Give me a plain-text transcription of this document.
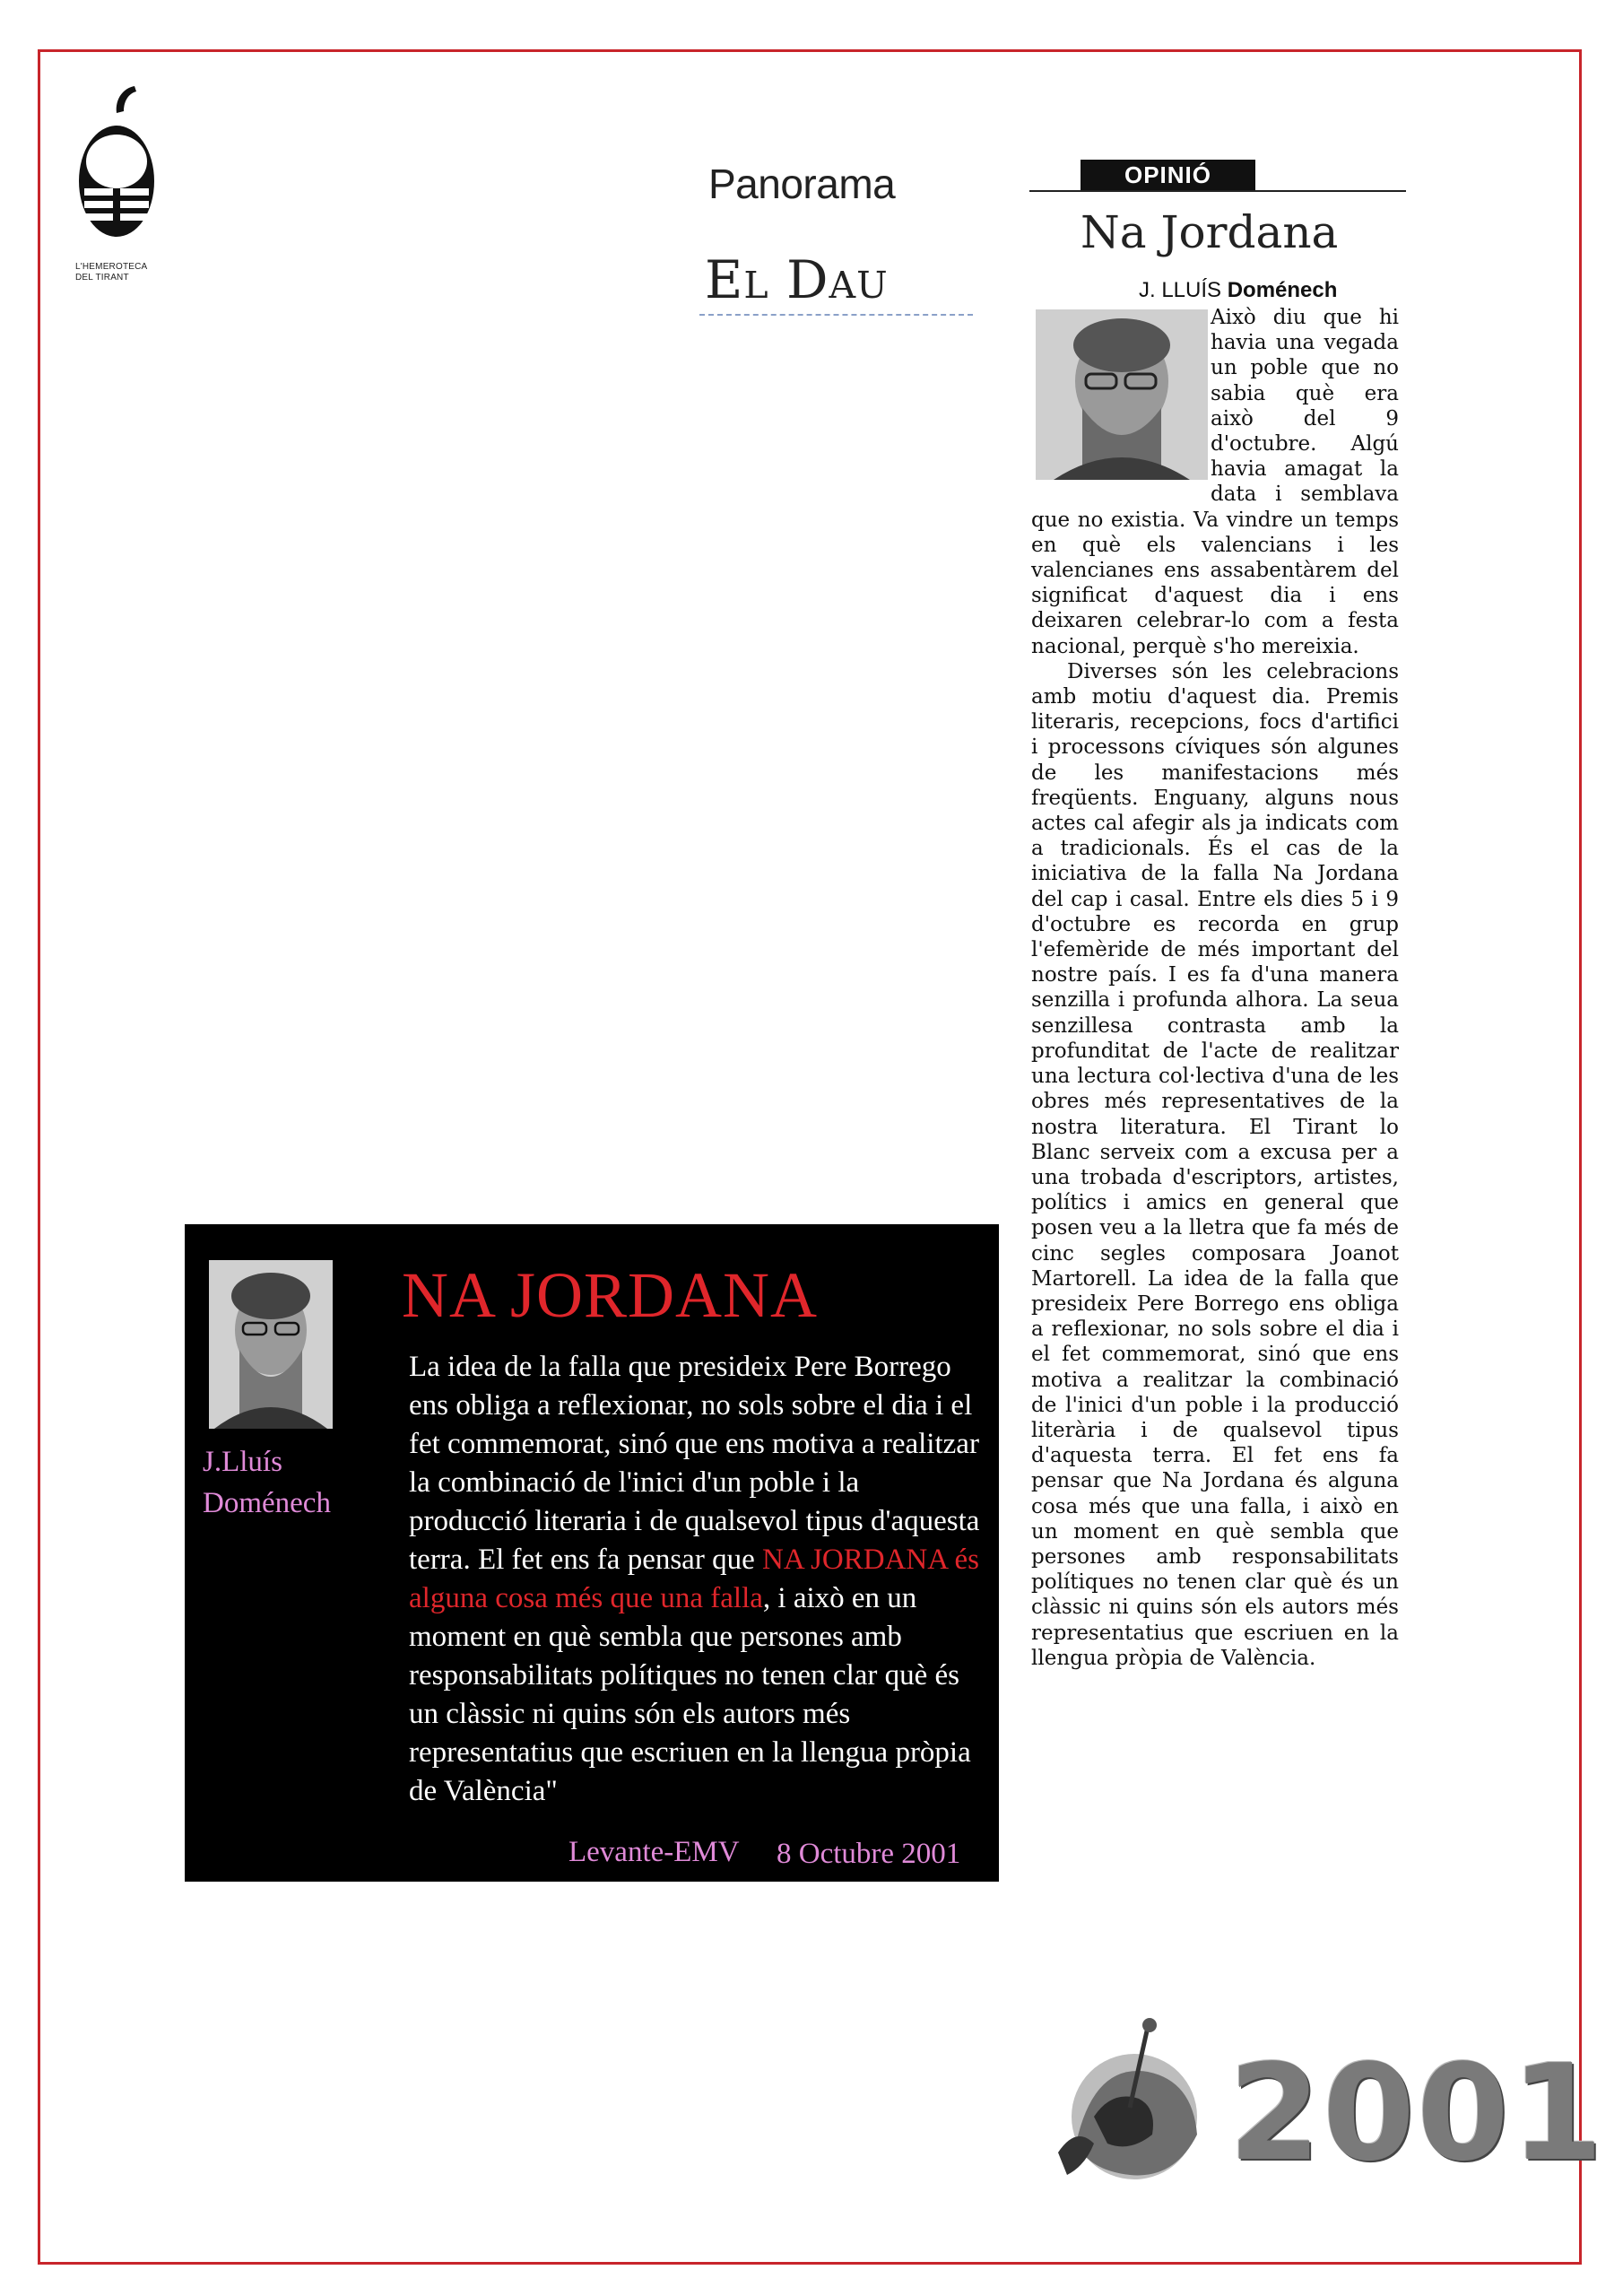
L'HEMEROTECA
DEL TIRANT
Panorama
El Dau
OPINIÓ
Na Jordana
J. LLUÍS Doménech

Això diu que hi havia una vegada un poble que no sabia què era això del 9 d'octubre. Algú havia amagat la data i semblava que no existia. Va vindre un temps en què els valencians i les valencianes ens assabentàrem del significat d'aquest dia i ens deixaren celebrar-lo com a festa nacional, perquè s'ho mereixia.

Diverses són les celebracions amb motiu d'aquest dia. Premis literaris, recepcions, focs d'artifici i processons cíviques són algunes de les manifestacions més freqüents. Enguany, alguns nous actes cal afegir als ja indicats com a tradicionals. És el cas de la iniciativa de la falla Na Jordana del cap i casal. Entre els dies 5 i 9 d'octubre es recorda en grup l'efemèride de més important del nostre país. I es fa d'una manera senzilla i profunda alhora. La seua senzillesa contrasta amb la profunditat de l'acte de realitzar una lectura col·lectiva d'una de les obres més representatives de la nostra literatura. El Tirant lo Blanc serveix com a excusa per a una trobada d'escriptors, artistes, polítics i amics en general que posen veu a la lletra que fa més de cinc segles composara Joanot Martorell. La idea de la falla que presideix Pere Borrego ens obliga a reflexionar, no sols sobre el dia i el fet commemorat, sinó que ens motiva a realitzar la combinació de l'inici d'un poble i la producció literària i de qualsevol tipus d'aquesta terra. El fet ens fa pensar que Na Jordana és alguna cosa més que una falla, i això en un moment en què sembla que persones amb responsabilitats polítiques no tenen clar què és un clàssic ni quins són els autors més representatius que escriuen en la llengua pròpia de València.

J.Lluís
Doménech
NA JORDANA
La idea de la falla que presideix Pere Borrego ens obliga a reflexionar, no sols sobre el dia i el fet commemorat, sinó que ens motiva a realitzar la combinació de l'inici d'un poble i la producció literaria i de qualsevol tipus d'aquesta terra. El fet ens fa pensar que NA JORDANA és alguna cosa més que una falla, i això en un moment en què sembla que persones amb responsabilitats polítiques no tenen clar què és un clàssic ni quins són els autors més representatius que escriuen en la llengua pròpia de València"
Levante-EMV 8 Octubre 2001
2001
